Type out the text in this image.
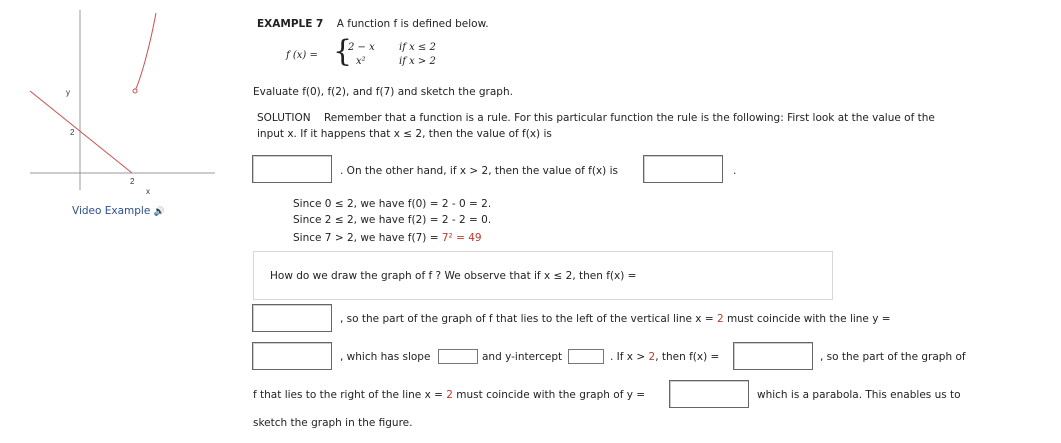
y
2
2
x
Video Example 🔊
EXAMPLE 7 A function f is defined below.
f (x) = {
2 − x if x ≤ 2
x²	if x > 2
Evaluate f(0), f(2), and f(7) and sketch the graph.
SOLUTION Remember that a function is a rule. For this particular function the rule is the following: First look at the value of the
input x. If it happens that x ≤ 2, then the value of f(x) is
. On the other hand, if x > 2, then the value of f(x) is	.
Since 0 ≤ 2, we have f(0) = 2 - 0 = 2.
Since 2 ≤ 2, we have f(2) = 2 - 2 = 0.
Since 7 > 2, we have f(7) = 7² = 49
How do we draw the graph of f ? We observe that if x ≤ 2, then f(x) =
, so the part of the graph of f that lies to the left of the vertical line x = 2 must coincide with the line y =
, which has slope	and y-intercept	. If x > 2, then f(x) =	, so the part of the graph of
f that lies to the right of the line x = 2 must coincide with the graph of y =	which is a parabola. This enables us to
sketch the graph in the figure.
